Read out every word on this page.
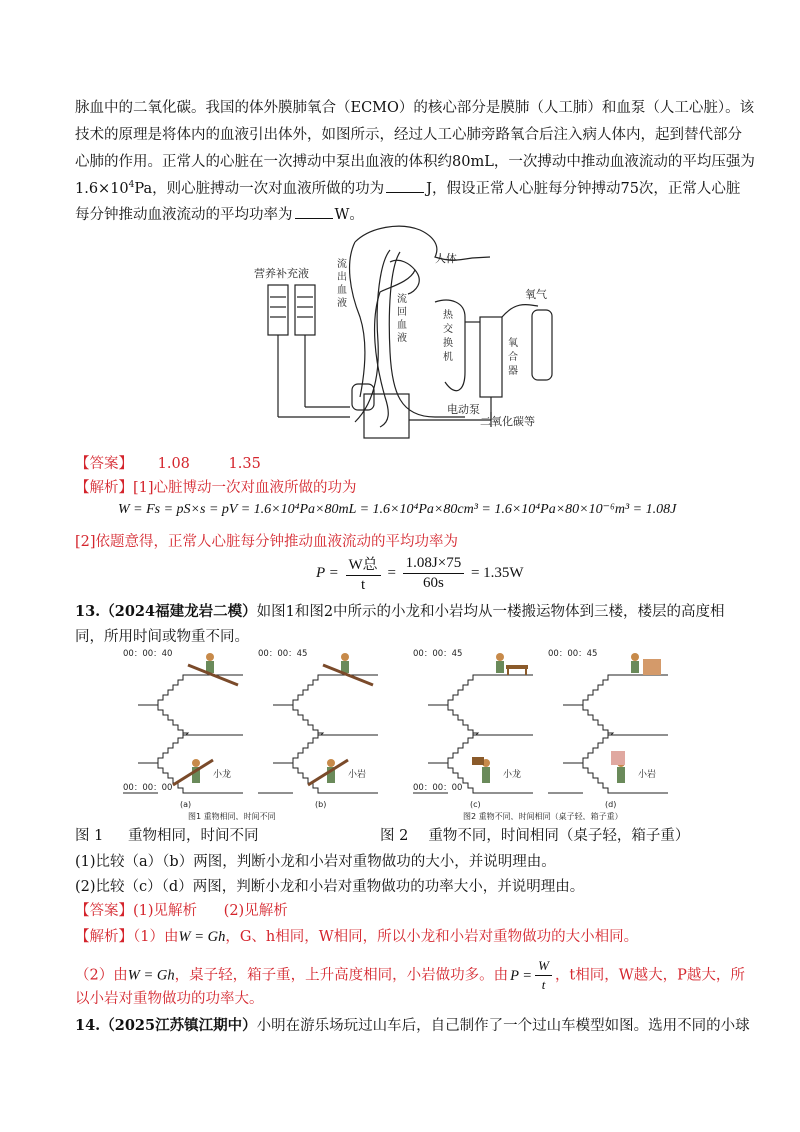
脉血中的二氧化碳。我国的体外膜肺氧合（ECMO）的核心部分是膜肺（人工肺）和血泵（人工心脏）。该
技术的原理是将体内的血液引出体外，如图所示，经过人工心肺旁路氧合后注入病人体内，起到替代部分
心肺的作用。正常人的心脏在一次搏动中泵出血液的体积约80mL，一次搏动中推动血液流动的平均压强为
$1.6\times 10^4Pa$，则心脏搏动一次对血液所做的功为	J，假设正常人心脏每分钟搏动75次，正常人心脏
每分钟推动血液流动的平均功率为	W。
人体
营养补充液
氧气
电动泵
二氧化碳等
流
出
血
液	流
回
血
液
热
交
换
机
氧
合
器
【答案】 1.08	1.35
【解析】[1]心脏博动一次对血液所做的功为
W = Fs = pS×s = pV = 1.6×10⁴Pa×80mL = 1.6×10⁴Pa×80cm³ = 1.6×10⁴Pa×80×10⁻⁶m³ = 1.08J
[2]依题意得，正常人心脏每分钟推动血液流动的平均功率为
$P = \frac{\text{W总}}{t} = \frac{1.08J\times 75}{60s} = 1.35W$
13.（2024福建龙岩二模）如图1和图2中所示的小龙和小岩均从一楼搬运物体到三楼，楼层的高度相
同，所用时间或物重不同。
00：00：40
00：00：00
小龙
(a)
00：00：45
小岩
(b)
00：00：45
00：00：00
小龙
(c)
00：00：45
小岩
(d)
图1 重物相同，时间不同	图2 重物不同，时间相同（桌子轻，箱子重）
图 1 重物相同，时间不同	图 2 重物不同，时间相同（桌子轻，箱子重）
(1)比较（a）（b）两图，判断小龙和小岩对重物做功的大小，并说明理由。
(2)比较（c）（d）两图，判断小龙和小岩对重物做功的功率大小，并说明理由。
【答案】(1)见解析 (2)见解析
【解析】（1）由W = Gh，G、h相同，W相同，所以小龙和小岩对重物做功的大小相同。
（2）由W = Gh，桌子轻，箱子重，上升高度相同，小岩做功多。由 $P = \frac{W}{t}$ ，t相同，W越大，P越大，所
以小岩对重物做功的功率大。
14.（2025江苏镇江期中）小明在游乐场玩过山车后，自己制作了一个过山车模型如图。选用不同的小球
